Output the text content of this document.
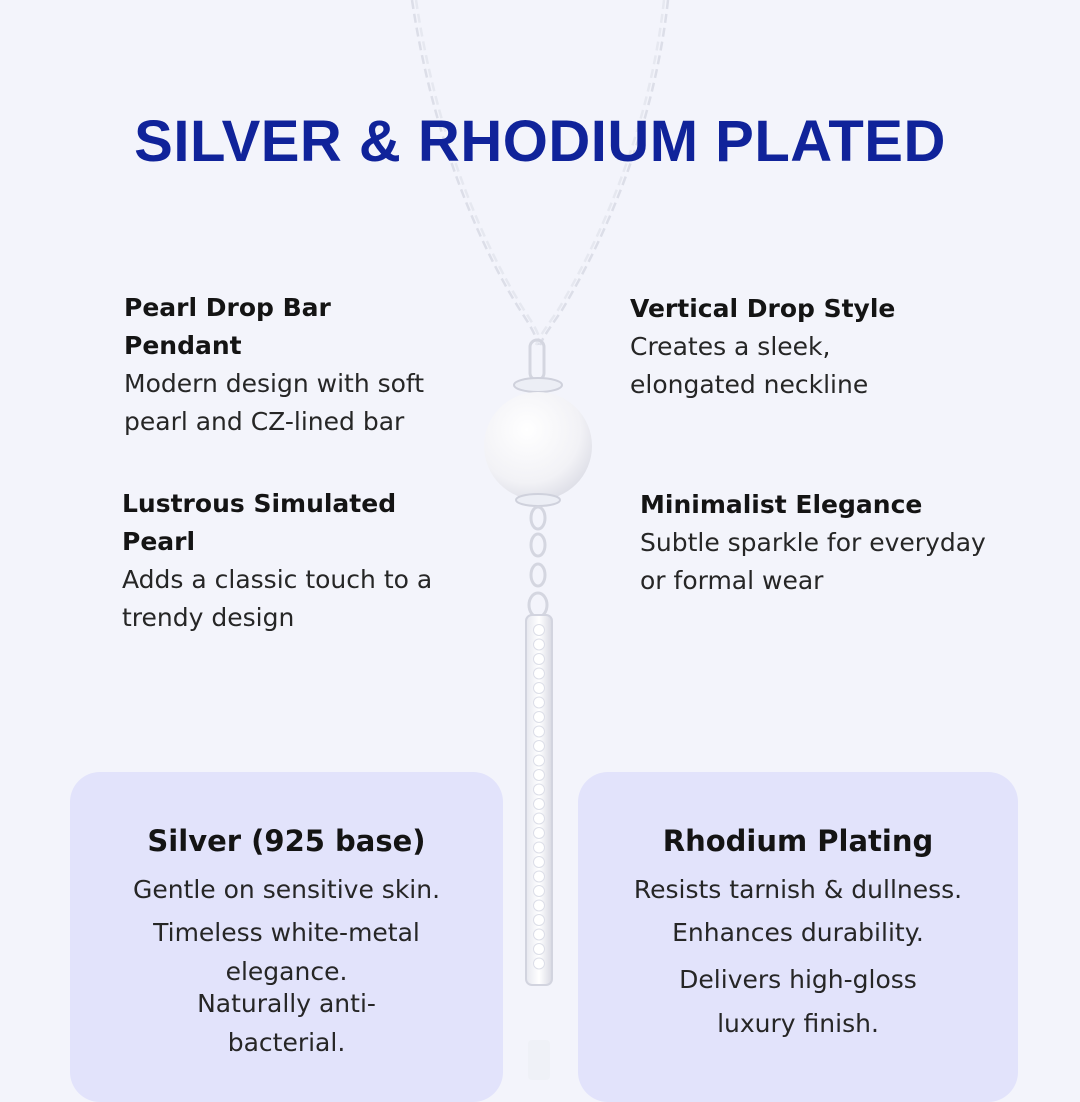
SILVER & RHODIUM PLATED
Pearl Drop Bar Pendant
Modern design with soft pearl and CZ-lined bar
Vertical Drop Style
Creates a sleek, elongated neckline
Lustrous Simulated Pearl
Adds a classic touch to a trendy design
Minimalist Elegance
Subtle sparkle for everyday or formal wear
Silver (925 base)
Gentle on sensitive skin.
Timeless white-metal elegance.
Naturally anti-bacterial.
Rhodium Plating
Resists tarnish & dullness.
Enhances durability.
Delivers high-gloss luxury finish.
